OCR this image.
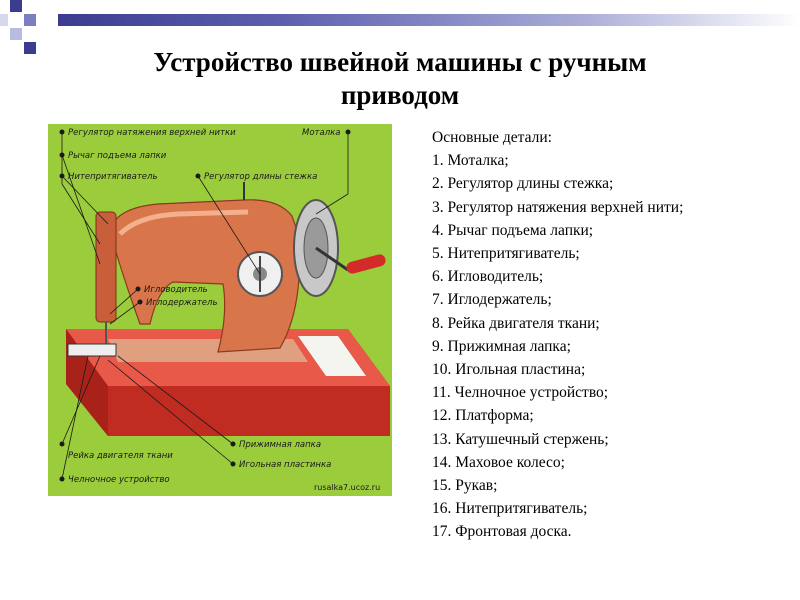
Устройство швейной машины с ручным
приводом
Регулятор натяжения верхней нитки	Моталка
Рычаг подъема лапки
Нитепритягиватель	Регулятор длины стежка
Игловодитель
Иглодержатель
Прижимная лапка
Рейка двигателя ткани
Игольная пластинка
Челночное устройство
rusalka7.ucoz.ru

Основные детали:

1. Моталка;
2. Регулятор длины стежка;
3. Регулятор натяжения верхней нити;
4. Рычаг подъема лапки;
5. Нитепритягиватель;
6. Игловодитель;
7. Иглодержатель;
8. Рейка двигателя ткани;
9. Прижимная лапка;
10. Игольная пластина;
11. Челночное устройство;
12. Платформа;
13. Катушечный стержень;
14. Маховое колесо;
15. Рукав;
16. Нитепритягиватель;
17. Фронтовая доска.
